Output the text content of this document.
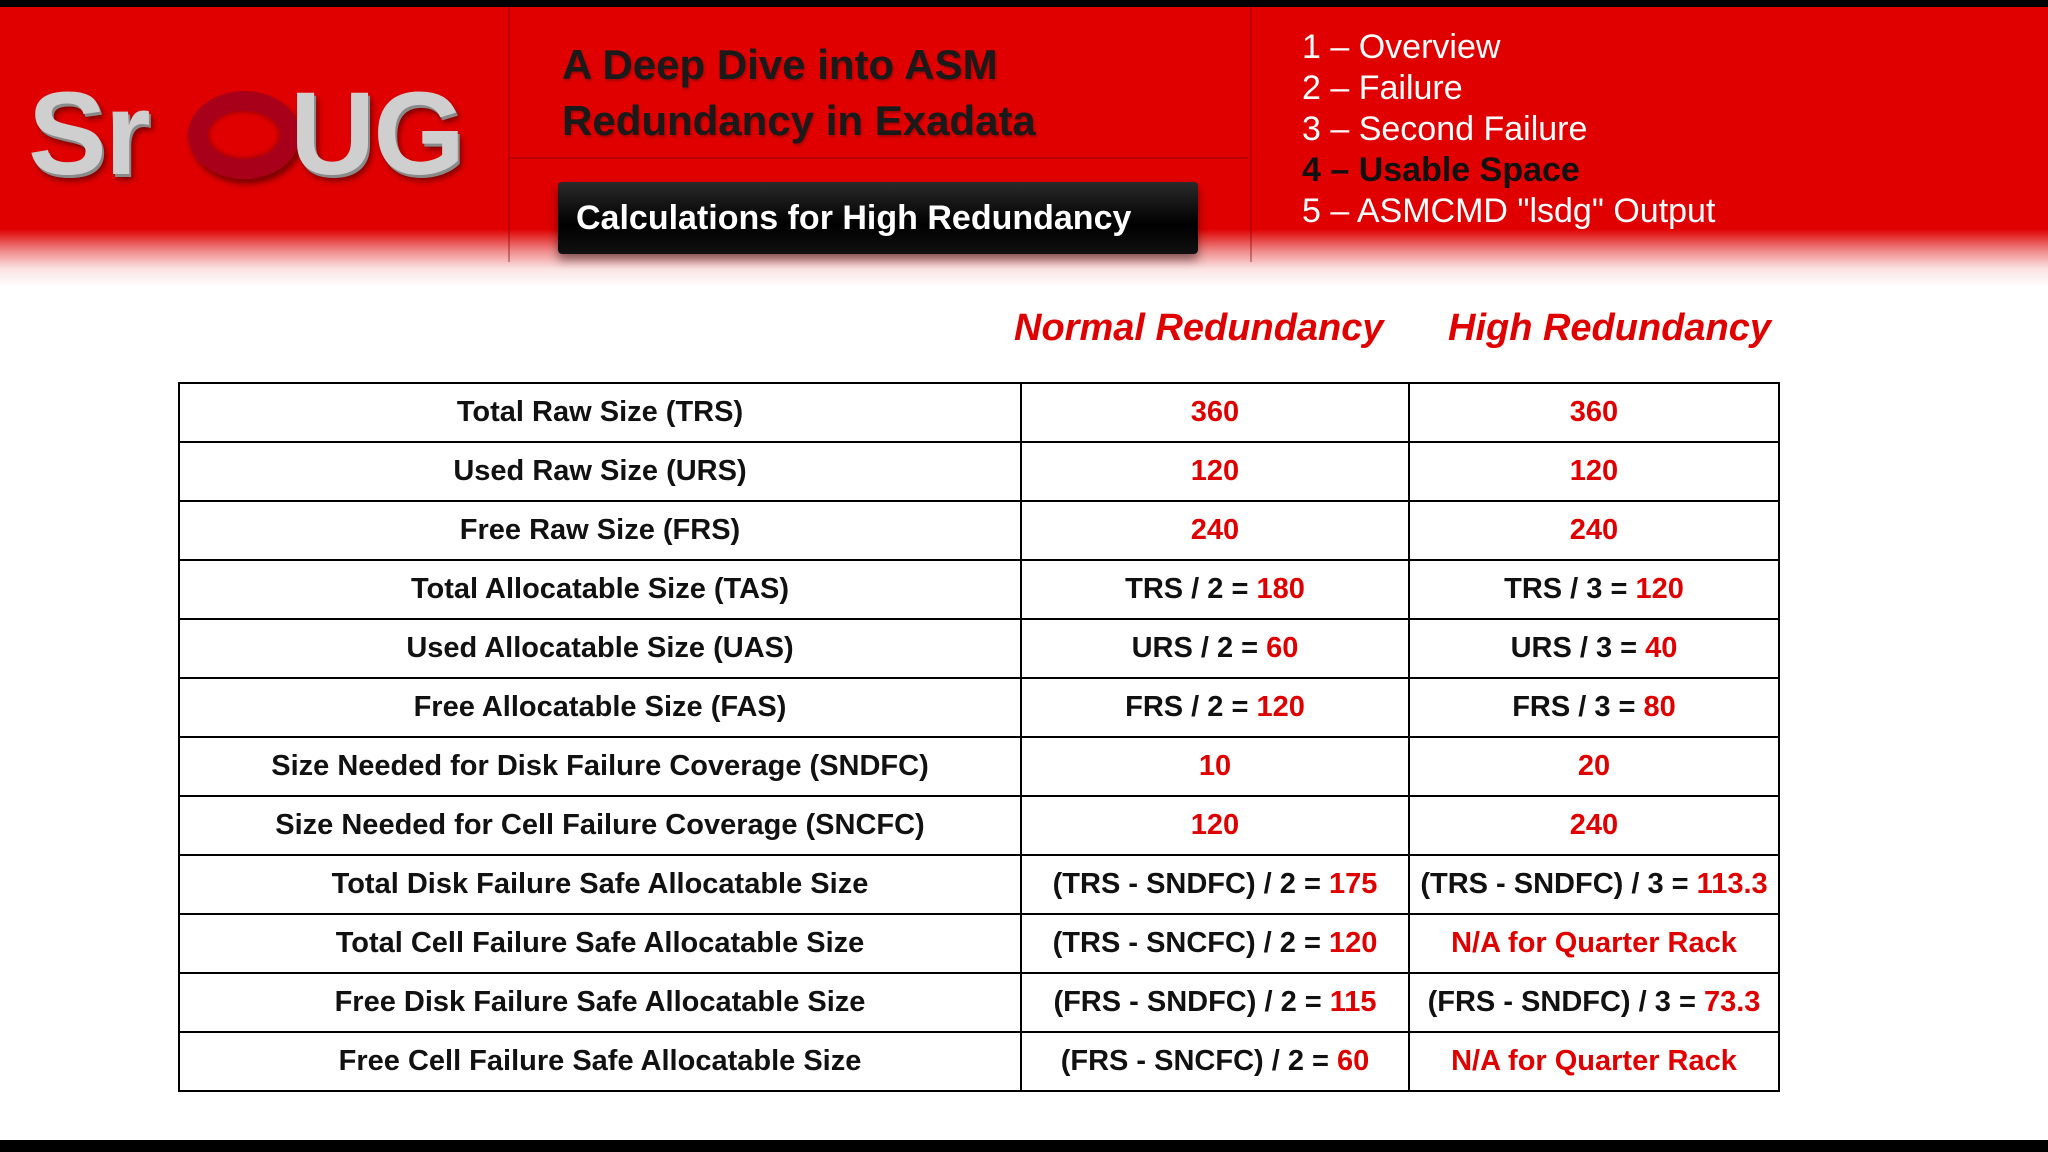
Sr UG
A Deep Dive into ASM
Redundancy in Exadata
Calculations for High Redundancy
1 – Overview
2 – Failure
3 – Second Failure
4 – Usable Space
5 – ASMCMD "lsdg" Output
Normal Redundancy High Redundancy
Total Raw Size (TRS)	360	360
Used Raw Size (URS)	120	120
Free Raw Size (FRS)	240	240
Total Allocatable Size (TAS)	TRS / 2 = 180	TRS / 3 = 120
Used Allocatable Size (UAS)	URS / 2 = 60	URS / 3 = 40
Free Allocatable Size (FAS)	FRS / 2 = 120	FRS / 3 = 80
Size Needed for Disk Failure Coverage (SNDFC)	10	20
Size Needed for Cell Failure Coverage (SNCFC)	120	240
Total Disk Failure Safe Allocatable Size	(TRS - SNDFC) / 2 = 175	(TRS - SNDFC) / 3 = 113.3
Total Cell Failure Safe Allocatable Size	(TRS - SNCFC) / 2 = 120	N/A for Quarter Rack
Free Disk Failure Safe Allocatable Size	(FRS - SNDFC) / 2 = 115	(FRS - SNDFC) / 3 = 73.3
Free Cell Failure Safe Allocatable Size	(FRS - SNCFC) / 2 = 60	N/A for Quarter Rack
